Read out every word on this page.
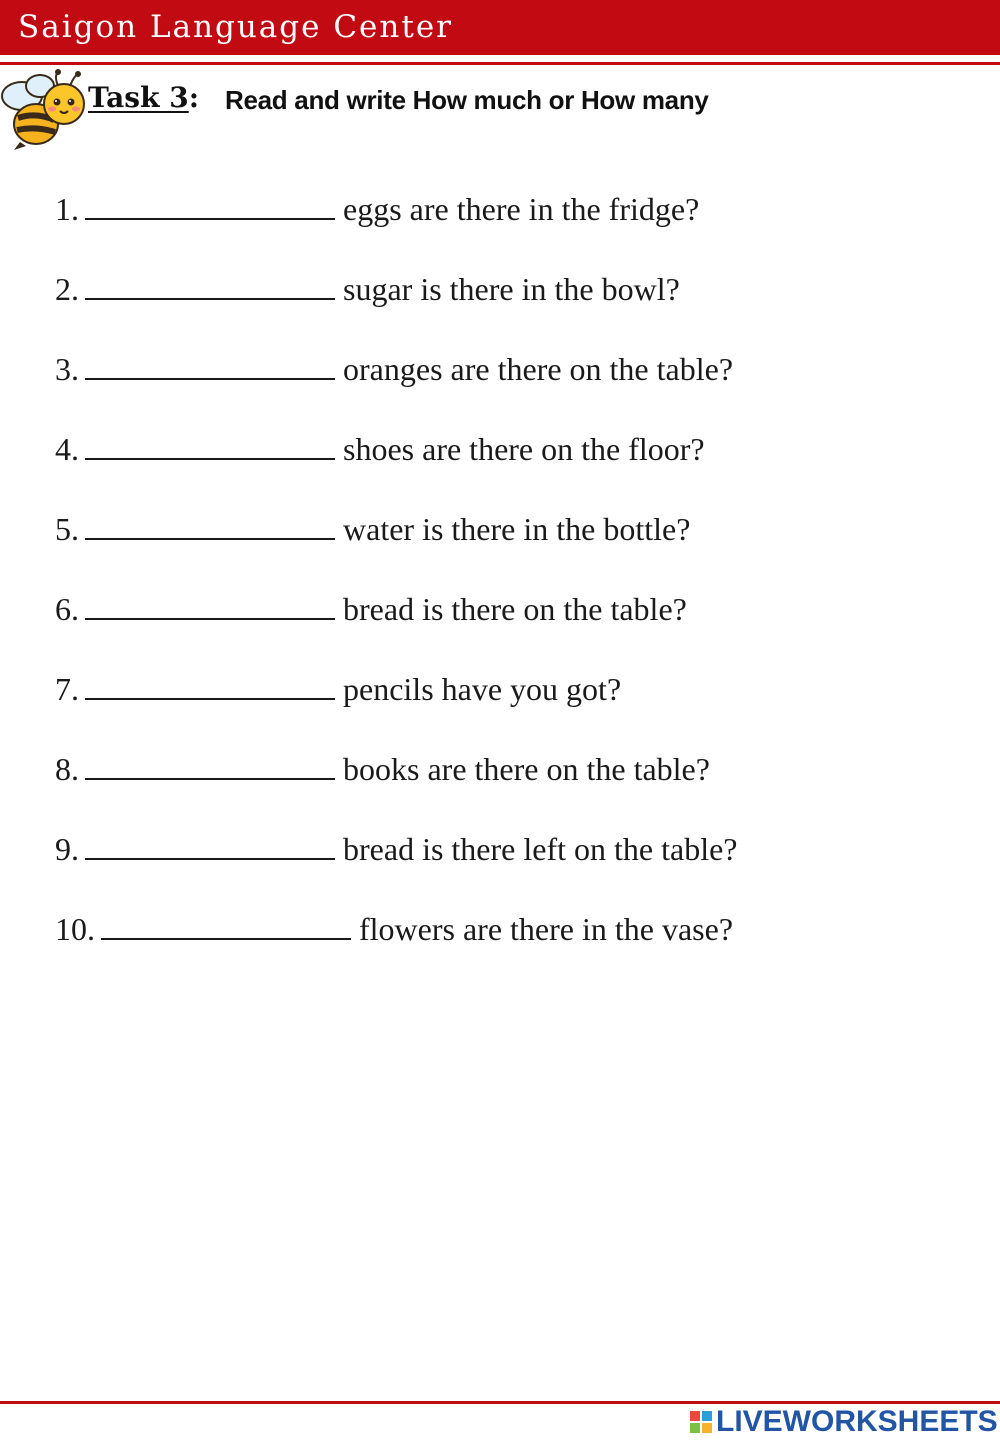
Saigon Language Center
Task 3: Read and write How much or How many
1.	eggs are there in the fridge?
2.	sugar is there in the bowl?
3.	oranges are there on the table?
4.	shoes are there on the floor?
5.	water is there in the bottle?
6.	bread is there on the table?
7.	pencils have you got?
8.	books are there on the table?
9.	bread is there left on the table?
10.	flowers are there in the vase?
LIVEWORKSHEETS
